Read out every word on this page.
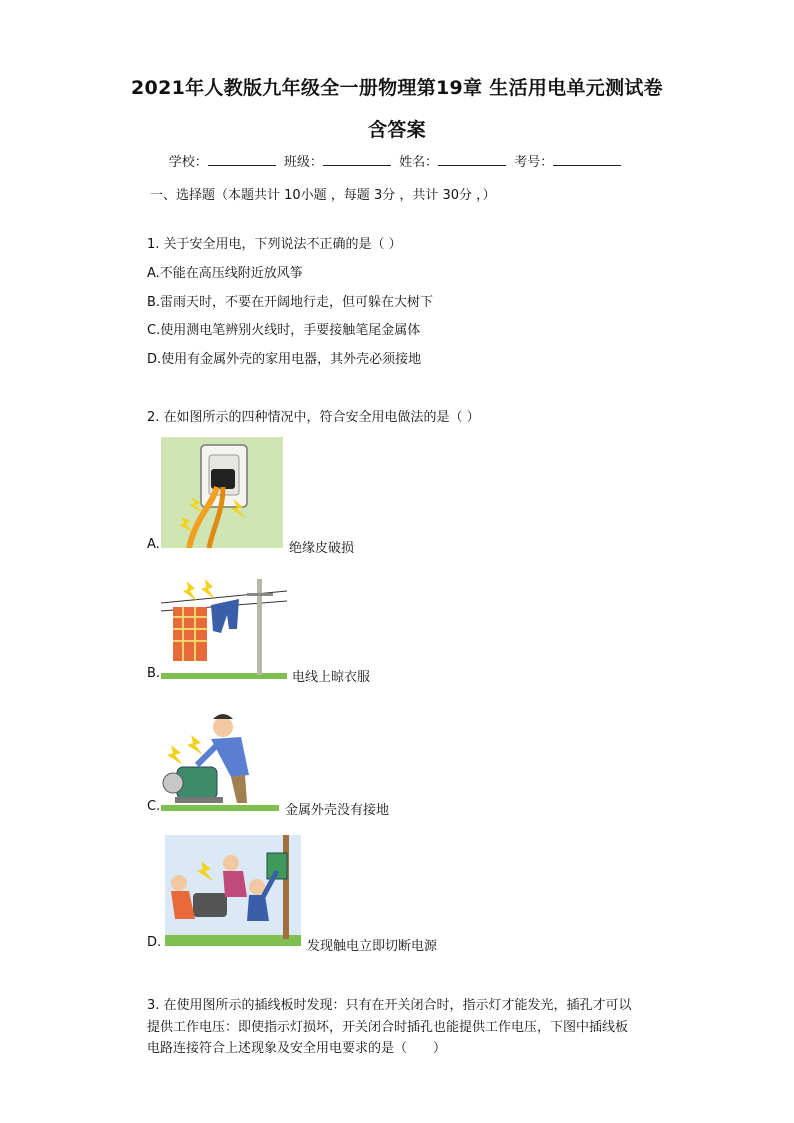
2021年人教版九年级全一册物理第19章 生活用电单元测试卷
含答案
学校：	班级：	姓名：	考号：
一、选择题（本题共计 10小题 ，每题 3分 ，共计 30分 ，）
1. 关于安全用电，下列说法不正确的是（ ）
A.不能在高压线附近放风筝
B.雷雨天时，不要在开阔地行走，但可躲在大树下
C.使用测电笔辨别火线时，手要接触笔尾金属体
D.使用有金属外壳的家用电器，其外壳必须接地
2. 在如图所示的四种情况中，符合安全用电做法的是（ ）
A.	绝缘皮破损
B.	电线上晾衣服
C.	金属外壳没有接地
D.	发现触电立即切断电源
3. 在使用图所示的插线板时发现：只有在开关闭合时，指示灯才能发光，插孔才可以
提供工作电压：即使指示灯损坏，开关闭合时插孔也能提供工作电压，下图中插线板
电路连接符合上述现象及安全用电要求的是（　　）
